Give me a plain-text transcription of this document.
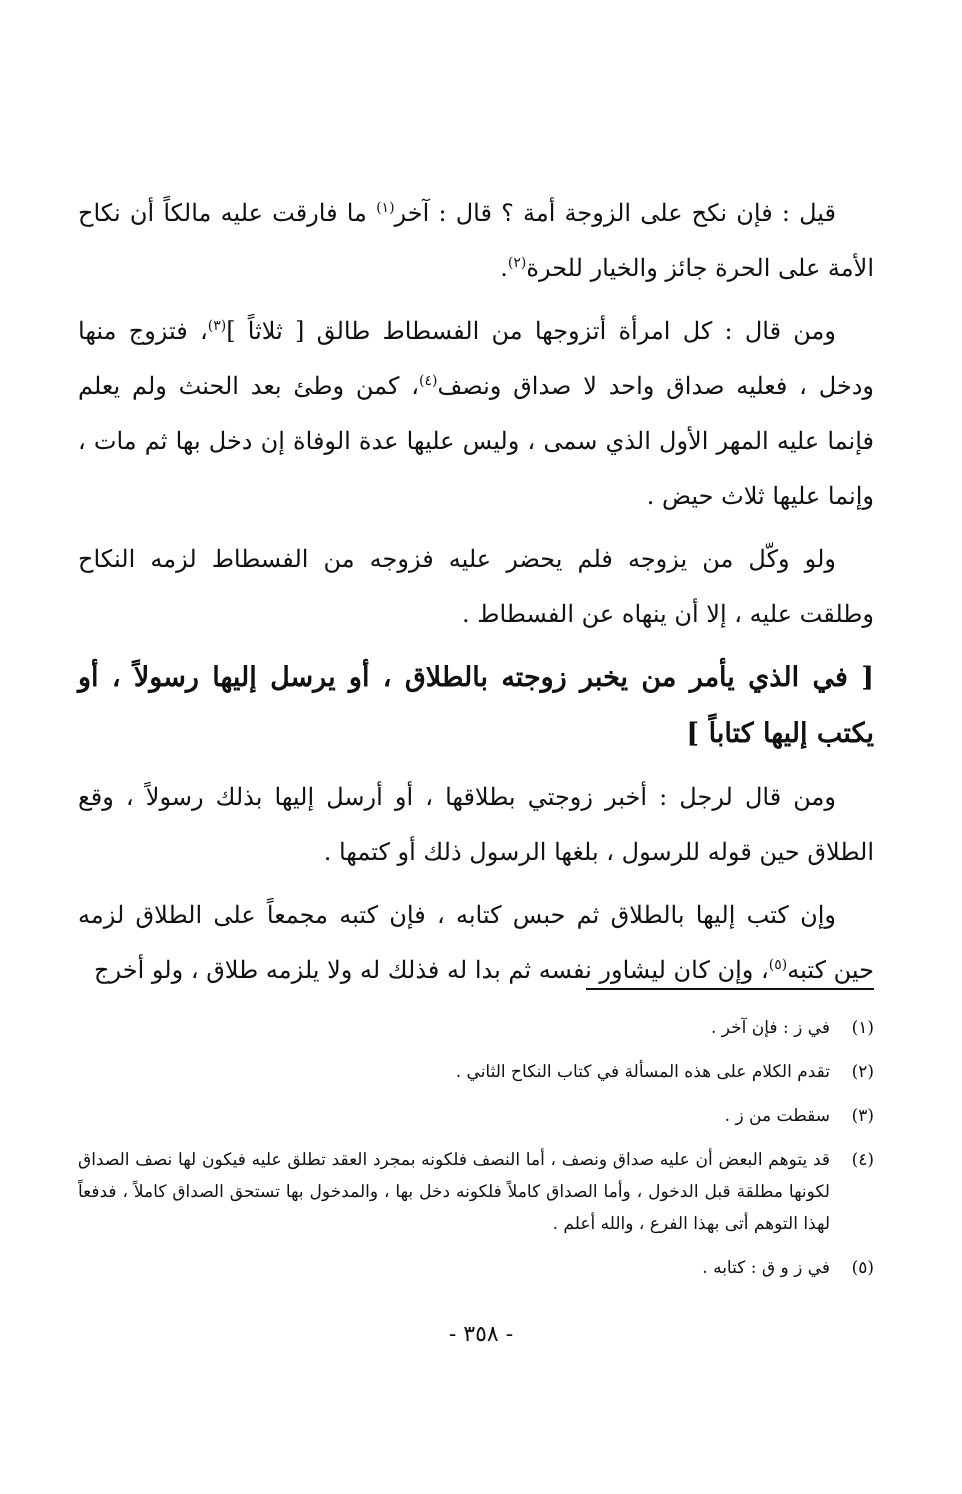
قيل : فإن نكح على الزوجة أمة ؟ قال : آخر$^{(١)}$ ما فارقت عليه مالكاً أن نكاح الأمة على الحرة جائز والخيار للحرة$^{(٢)}$.

ومن قال : كل امرأة أتزوجها من الفسطاط طالق [ ثلاثاً ]$^{(٣)}$، فتزوج منها ودخل ، فعليه صداق واحد لا صداق ونصف$^{(٤)}$، كمن وطئ بعد الحنث ولم يعلم فإنما عليه المهر الأول الذي سمى ، وليس عليها عدة الوفاة إن دخل بها ثم مات ، وإنما عليها ثلاث حيض .

ولو وكّل من يزوجه فلم يحضر عليه فزوجه من الفسطاط لزمه النكاح وطلقت عليه ، إلا أن ينهاه عن الفسطاط .

[ في الذي يأمر من يخبر زوجته بالطلاق ، أو يرسل إليها رسولاً ، أو يكتب إليها كتاباً ]

ومن قال لرجل : أخبر زوجتي بطلاقها ، أو أرسل إليها بذلك رسولاً ، وقع الطلاق حين قوله للرسول ، بلغها الرسول ذلك أو كتمها .

وإن كتب إليها بالطلاق ثم حبس كتابه ، فإن كتبه مجمعاً على الطلاق لزمه حين كتبه$^{(٥)}$، وإن كان ليشاور نفسه ثم بدا له فذلك له ولا يلزمه طلاق ، ولو أخرج

(١)
في ز : فإن آخر .
(٢)
تقدم الكلام على هذه المسألة في كتاب النكاح الثاني .
(٣)
سقطت من ز .
(٤)
قد يتوهم البعض أن عليه صداق ونصف ، أما النصف فلكونه بمجرد العقد تطلق عليه فيكون لها نصف الصداق لكونها مطلقة قبل الدخول ، وأما الصداق كاملاً فلكونه دخل بها ، والمدخول بها تستحق الصداق كاملاً ، فدفعاً لهذا التوهم أتى بهذا الفرع ، والله أعلم .
(٥)
في ز و ق : كتابه .
- ٣٥٨ -
